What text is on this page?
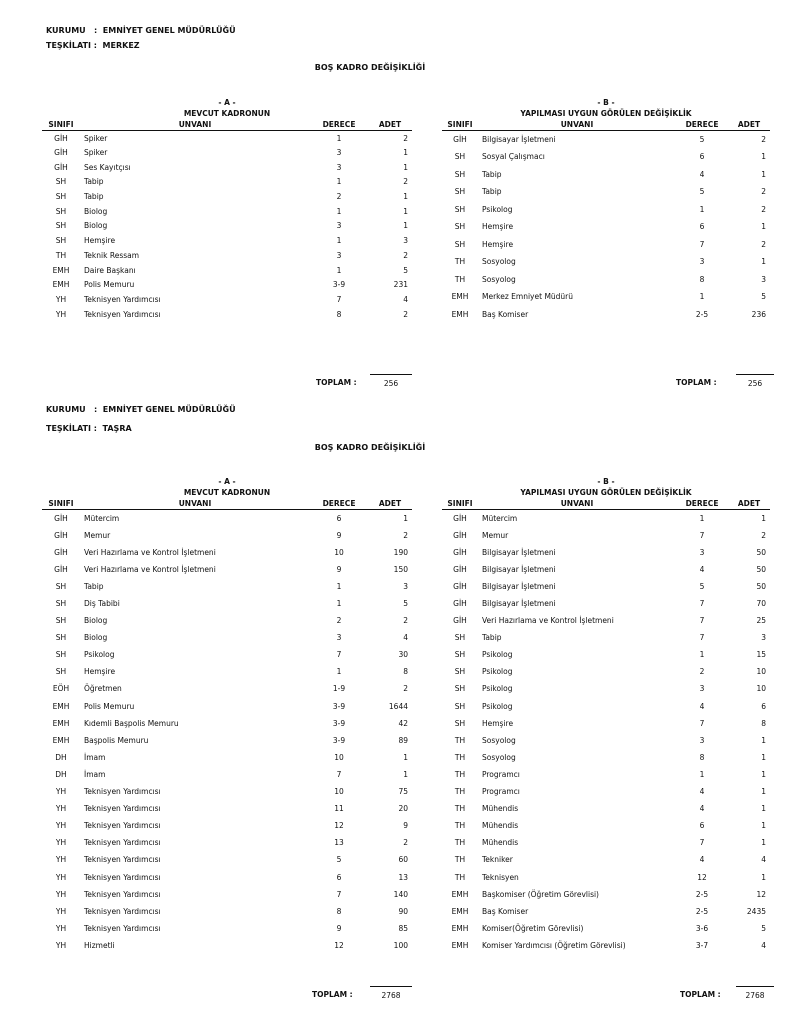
KURUMU   :  EMNİYET GENEL MÜDÜRLÜĞÜ
TEŞKİLATI :  MERKEZ
BOŞ KADRO DEĞİŞİKLİĞİ
- A -
MEVCUT KADRONUN
SINIFI	UNVANI	DERECE	ADET
GİH	Spiker	1	2
GİH	Spiker	3	1
GİH	Ses Kayıtçısı	3	1
SH	Tabip	1	2
SH	Tabip	2	1
SH	Biolog	1	1
SH	Biolog	3	1
SH	Hemşire	1	3
TH	Teknik Ressam	3	2
EMH	Daire Başkanı	1	5
EMH	Polis Memuru	3-9	231
YH	Teknisyen Yardımcısı	7	4
YH	Teknisyen Yardımcısı	8	2
TOPLAM :	256
- B -
YAPILMASI UYGUN GÖRÜLEN DEĞİŞİKLİK
SINIFI	UNVANI	DERECE	ADET
GİH	Bilgisayar İşletmeni	5	2
SH	Sosyal Çalışmacı	6	1
SH	Tabip	4	1
SH	Tabip	5	2
SH	Psikolog	1	2
SH	Hemşire	6	1
SH	Hemşire	7	2
TH	Sosyolog	3	1
TH	Sosyolog	8	3
EMH	Merkez Emniyet Müdürü	1	5
EMH	Baş Komiser	2-5	236
TOPLAM :	256
KURUMU   :  EMNİYET GENEL MÜDÜRLÜĞÜ
TEŞKİLATI :  TAŞRA
BOŞ KADRO DEĞİŞİKLİĞİ
- A -
MEVCUT KADRONUN
SINIFI	UNVANI	DERECE	ADET
GİH	Mütercim	6	1
GİH	Memur	9	2
GİH	Veri Hazırlama ve Kontrol İşletmeni	10	190
GİH	Veri Hazırlama ve Kontrol İşletmeni	9	150
SH	Tabip	1	3
SH	Diş Tabibi	1	5
SH	Biolog	2	2
SH	Biolog	3	4
SH	Psikolog	7	30
SH	Hemşire	1	8
EÖH	Öğretmen	1-9	2
EMH	Polis Memuru	3-9	1644
EMH	Kıdemli Başpolis Memuru	3-9	42
EMH	Başpolis Memuru	3-9	89
DH	İmam	10	1
DH	İmam	7	1
YH	Teknisyen Yardımcısı	10	75
YH	Teknisyen Yardımcısı	11	20
YH	Teknisyen Yardımcısı	12	9
YH	Teknisyen Yardımcısı	13	2
YH	Teknisyen Yardımcısı	5	60
YH	Teknisyen Yardımcısı	6	13
YH	Teknisyen Yardımcısı	7	140
YH	Teknisyen Yardımcısı	8	90
YH	Teknisyen Yardımcısı	9	85
YH	Hizmetli	12	100
TOPLAM :	2768
- B -
YAPILMASI UYGUN GÖRÜLEN DEĞİŞİKLİK
SINIFI	UNVANI	DERECE	ADET
GİH	Mütercim	1	1
GİH	Memur	7	2
GİH	Bilgisayar İşletmeni	3	50
GİH	Bilgisayar İşletmeni	4	50
GİH	Bilgisayar İşletmeni	5	50
GİH	Bilgisayar İşletmeni	7	70
GİH	Veri Hazırlama ve Kontrol İşletmeni	7	25
SH	Tabip	7	3
SH	Psikolog	1	15
SH	Psikolog	2	10
SH	Psikolog	3	10
SH	Psikolog	4	6
SH	Hemşire	7	8
TH	Sosyolog	3	1
TH	Sosyolog	8	1
TH	Programcı	1	1
TH	Programcı	4	1
TH	Mühendis	4	1
TH	Mühendis	6	1
TH	Mühendis	7	1
TH	Tekniker	4	4
TH	Teknisyen	12	1
EMH	Başkomiser (Öğretim Görevlisi)	2-5	12
EMH	Baş Komiser	2-5	2435
EMH	Komiser(Öğretim Görevlisi)	3-6	5
EMH	Komiser Yardımcısı (Öğretim Görevlisi)	3-7	4
TOPLAM :	2768
